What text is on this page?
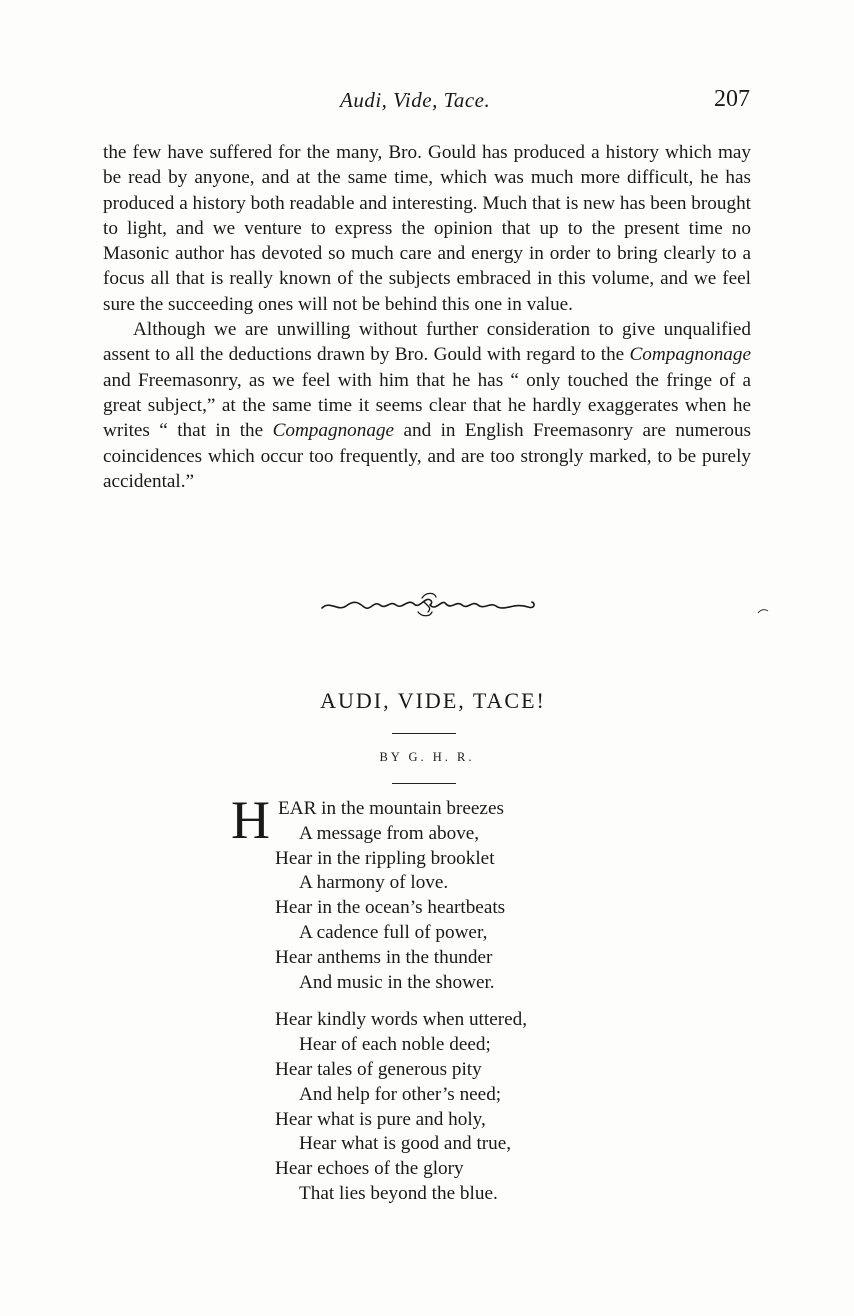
Audi, Vide, Tace.	207

the few have suffered for the many, Bro. Gould has produced a history which may be read by anyone, and at the same time, which was much more difficult, he has produced a history both readable and interesting. Much that is new has been brought to light, and we venture to express the opinion that up to the present time no Masonic author has devoted so much care and energy in order to bring clearly to a focus all that is really known of the subjects embraced in this volume, and we feel sure the succeeding ones will not be behind this one in value.

Although we are unwilling without further consideration to give unqualified assent to all the deductions drawn by Bro. Gould with regard to the Compagnonage and Freemasonry, as we feel with him that he has “ only touched the fringe of a great subject,” at the same time it seems clear that he hardly exaggerates when he writes “ that in the Compagnonage and in English Freemasonry are numerous coincidences which occur too frequently, and are too strongly marked, to be purely accidental.”

AUDI, VIDE, TACE!
BY G. H. R.
H EAR in the mountain breezes
A message from above,
Hear in the rippling brooklet
A harmony of love.
Hear in the ocean’s heartbeats
A cadence full of power,
Hear anthems in the thunder
And music in the shower.
Hear kindly words when uttered,
Hear of each noble deed;
Hear tales of generous pity
And help for other’s need;
Hear what is pure and holy,
Hear what is good and true,
Hear echoes of the glory
That lies beyond the blue.
